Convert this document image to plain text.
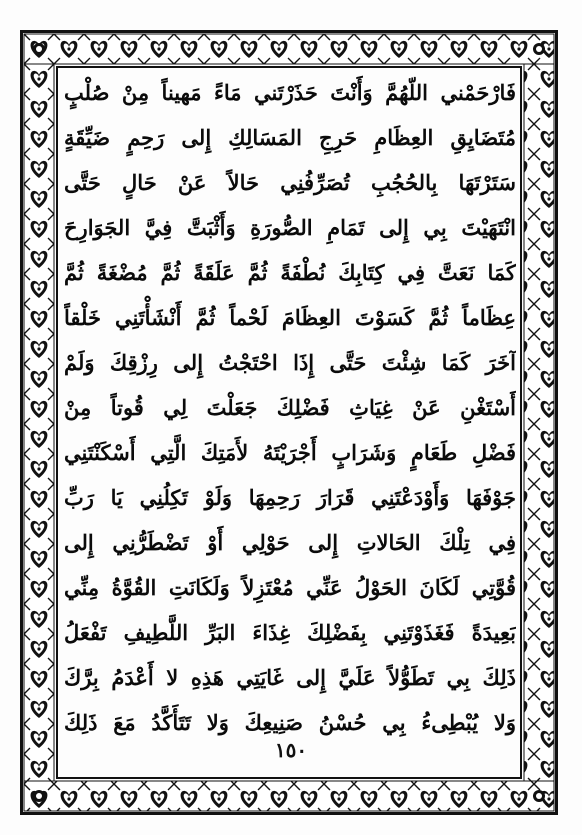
فَارْحَمْني اللّهُمَّ وَأَنْتَ حَذَرْتَني مَاءً مَهيناً مِنْ صُلْبٍ
مُتَضَايِقِ العِظَامِ حَرِجِ المَسَالِكِ إِلى رَحِمٍ ضَيِّقَةٍ
سَتَرْتَهَا بِالحُجُبِ تُصَرِّفُنِي حَالاً عَنْ حَالٍ حَتَّى
انْتَهَيْتَ بِي إِلى تَمَامِ الصُّورَةِ وَأَثْبَتَّ فِيَّ الجَوَارِحَ
كَمَا نَعَتَّ فِي كِتَابِكَ نُطْفَةً ثُمَّ عَلَقَةً ثُمَّ مُضْغَةً ثُمَّ
عِظَاماً ثُمَّ كَسَوْتَ العِظَامَ لَحْماً ثُمَّ أَنْشَأْتَنِي خَلْقاً
آخَرَ كَمَا شِئْتَ حَتَّى إِذَا احْتَجْتُ إِلى رِزْقِكَ وَلَمْ
أَسْتَغْنِ عَنْ غِيَاثِ فَضْلِكَ جَعَلْتَ لِي قُوتاً مِنْ
فَضْلِ طَعَامٍ وَشَرَابٍ أَجْرَيْتَهُ لأَمَتِكَ الَّتِي أَسْكَنْتَنِي
جَوْفَهَا وَأَوْدَعْتَنِي قَرَارَ رَحِمِهَا وَلَوْ تَكِلُنِي يَا رَبِّ
فِي تِلْكَ الحَالاتِ إِلى حَوْلِي أَوْ تَضْطَرُّنِي إِلى
قُوَّتِي لَكَانَ الحَوْلُ عَنِّي مُعْتَزِلاً وَلَكَانَتِ القُوَّةُ مِنِّي
بَعِيدَةً فَغَذَوْتَنِي بِفَضْلِكَ غِذَاءَ البَرِّ اللَّطِيفِ تَفْعَلُ
ذَلِكَ بِي تَطَوُّلاً عَلَيَّ إِلى غَايَتِي هَذِهِ لا أَعْدَمُ بِرَّكَ
وَلا يُبْطِىءُ بِي حُسْنُ صَنِيعِكَ وَلا تَتَأَكَّدُ مَعَ ذَلِكَ
١٥٠
